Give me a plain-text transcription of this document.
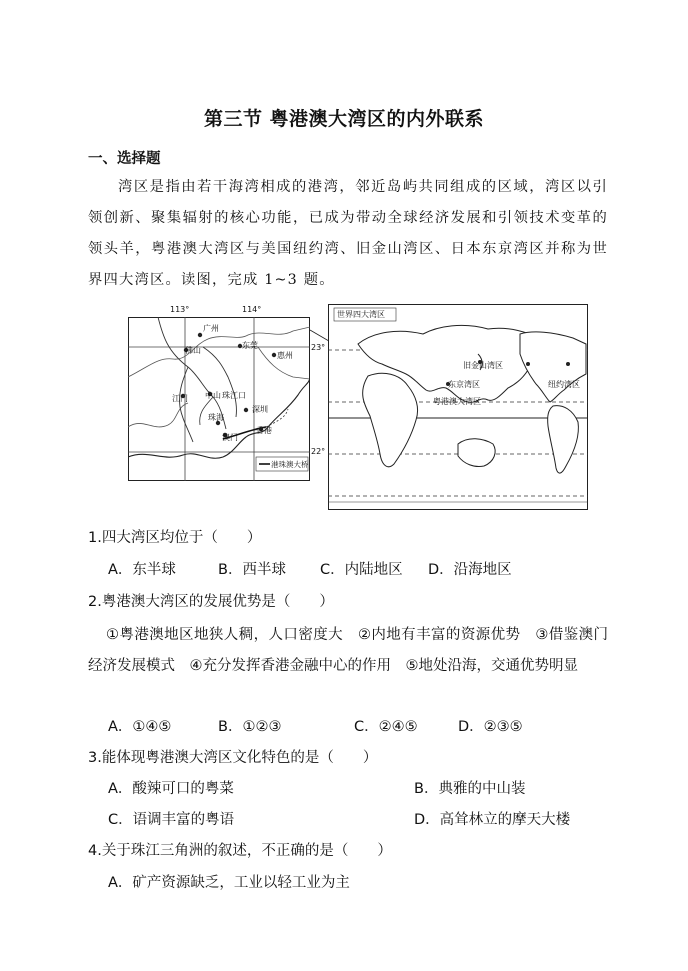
第三节 粤港澳大湾区的内外联系
一、选择题
湾区是指由若干海湾相成的港湾，邻近岛屿共同组成的区域，湾区以引领创新、聚集辐射的核心功能，已成为带动全球经济发展和引领技术变革的领头羊，粤港澳大湾区与美国纽约湾、旧金山湾区、日本东京湾区并称为世界四大湾区。读图，完成 1~3 题。
113°	114°
23°
22°
广州
佛山
东莞
惠州
深圳
江门 中山 珠江口
珠海
澳门
香港
港珠澳大桥
世界四大湾区
旧金山湾区
纽约湾区
东京湾区
粤港澳大湾区
1.四大湾区均位于（　　）
A．东半球	B．西半球 C．内陆地区 D．沿海地区
2.粤港澳大湾区的发展优势是（　　）
①粤港澳地区地狭人稠，人口密度大　②内地有丰富的资源优势　③借鉴澳门经济发展模式　④充分发挥香港金融中心的作用　⑤地处沿海，交通优势明显
A．①④⑤	B．①②③	C．②④⑤	D．②③⑤
3.能体现粤港澳大湾区文化特色的是（　　）
A．酸辣可口的粤菜	B．典雅的中山装
C．语调丰富的粤语	D．高耸林立的摩天大楼
4.关于珠江三角洲的叙述，不正确的是（　　）
A．矿产资源缺乏，工业以轻工业为主
